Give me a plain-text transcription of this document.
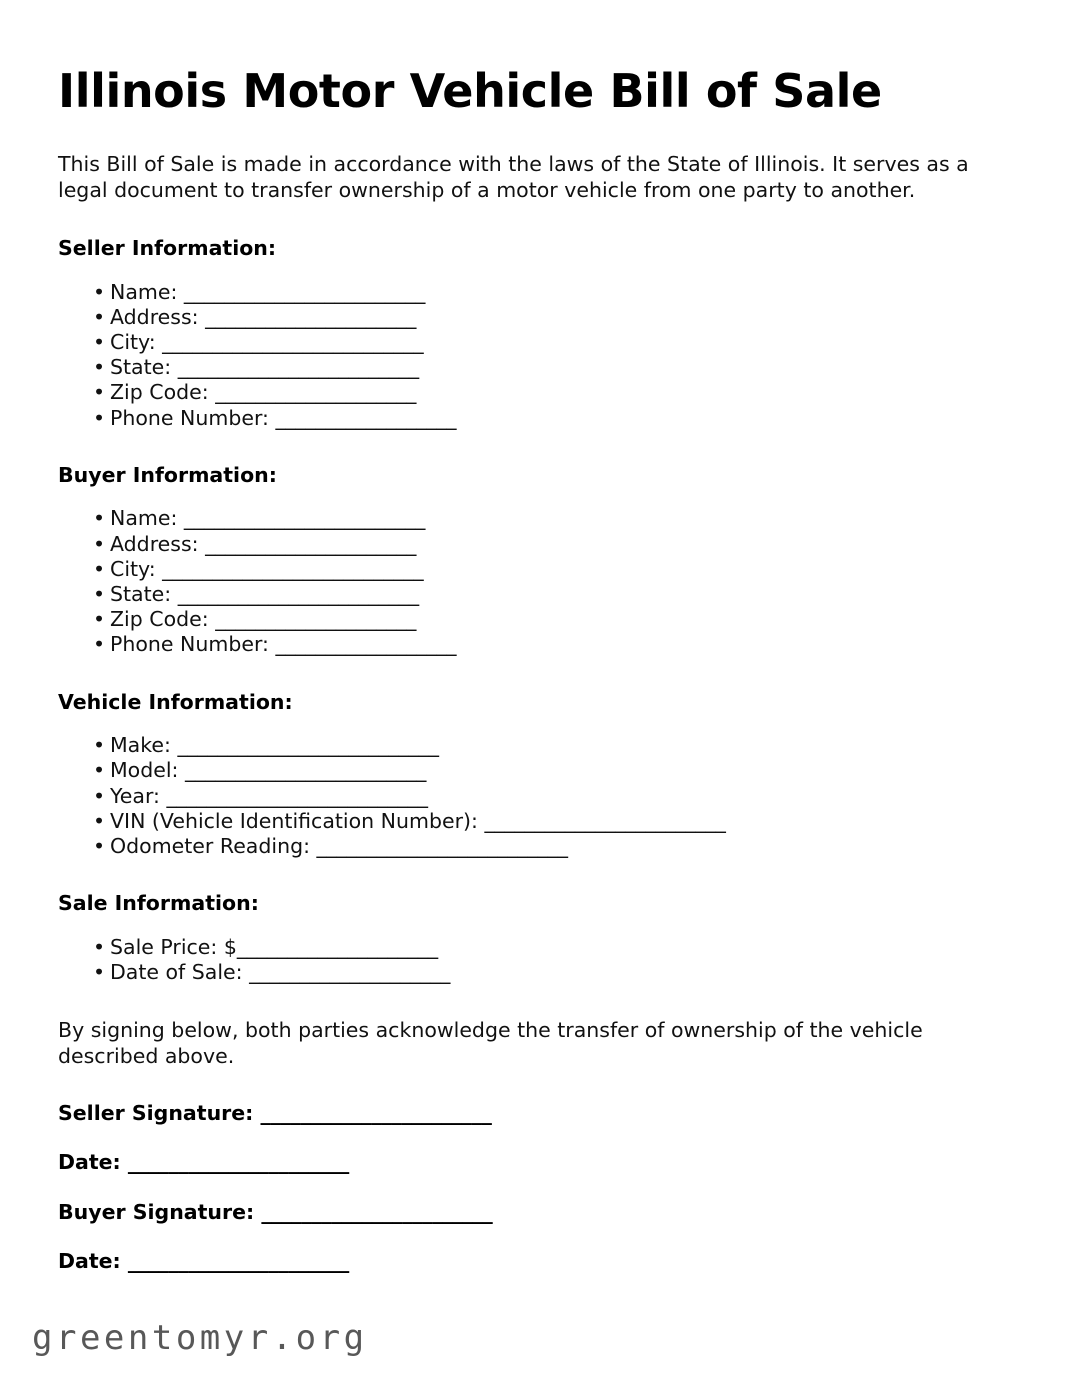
Illinois Motor Vehicle Bill of Sale

This Bill of Sale is made in accordance with the laws of the State of Illinois. It serves as a legal document to transfer ownership of a motor vehicle from one party to another.

Seller Information:
• Name: ________________________
• Address: _____________________
• City: __________________________
• State: ________________________
• Zip Code: ____________________
• Phone Number: __________________
Buyer Information:
• Name: ________________________
• Address: _____________________
• City: __________________________
• State: ________________________
• Zip Code: ____________________
• Phone Number: __________________
Vehicle Information:
• Make: __________________________
• Model: ________________________
• Year: __________________________
• VIN (Vehicle Identification Number): ________________________
• Odometer Reading: _________________________
Sale Information:
• Sale Price: $____________________
• Date of Sale: ____________________

By signing below, both parties acknowledge the transfer of ownership of the vehicle described above.

Seller Signature: _______________________
Date: ______________________
Buyer Signature: _______________________
Date: ______________________
greentomyr.org
